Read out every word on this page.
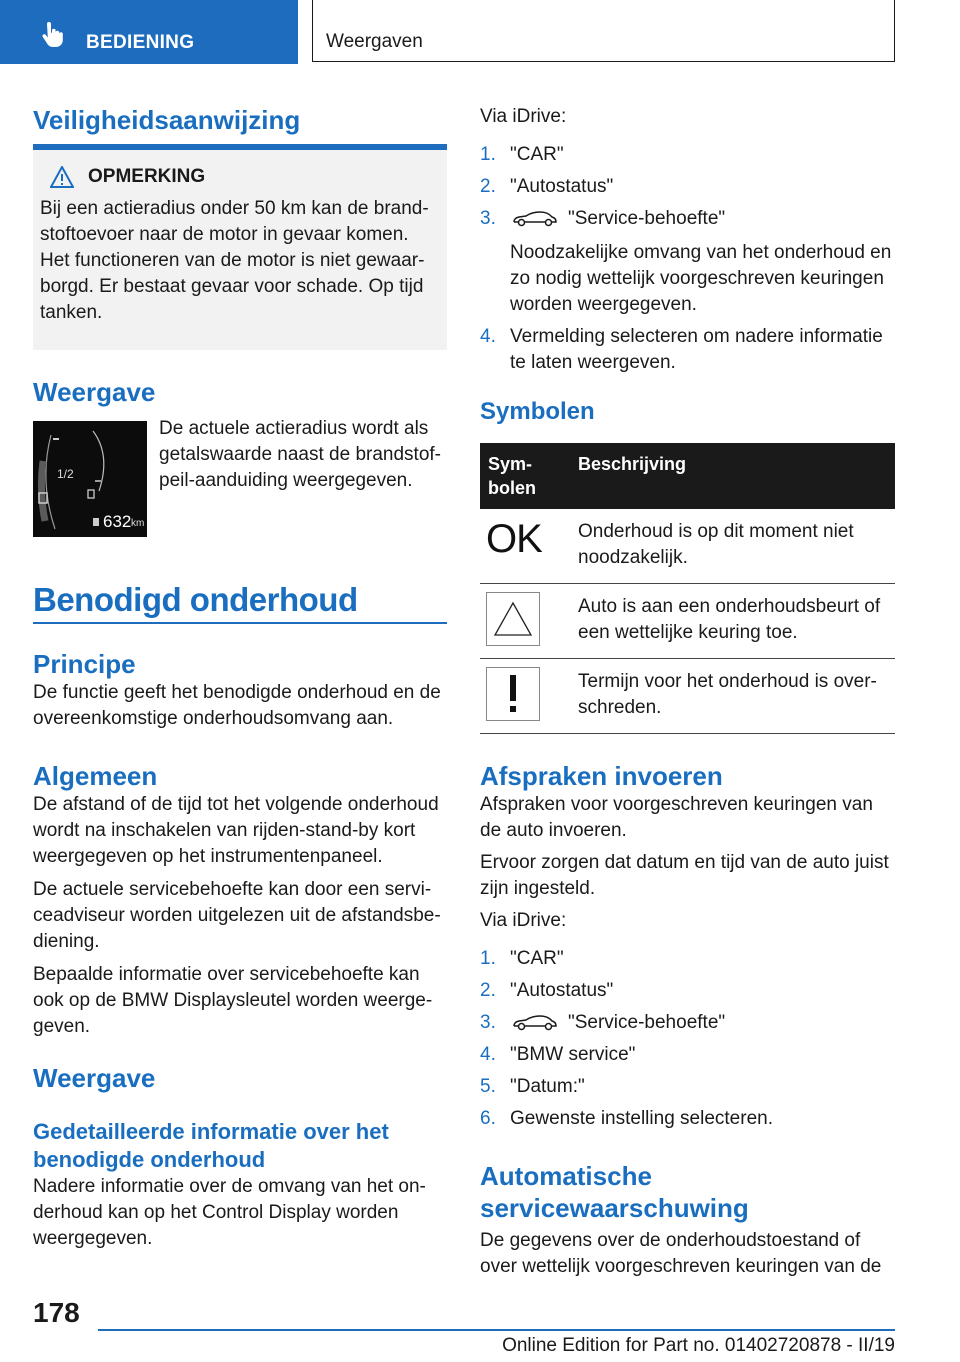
BEDIENING	Weergaven
Veiligheidsaanwijzing
OPMERKING

Bij een actieradius onder 50 km kan de brand-

stoftoevoer naar de motor in gevaar komen.

Het functioneren van de motor is niet gewaar-

borgd. Er bestaat gevaar voor schade. Op tijd

tanken.

Weergave
1/2
632 km

De actuele actieradius wordt als

getalswaarde naast de brandstof-

peil-aanduiding weergegeven.

Benodigd onderhoud
Principe

De functie geeft het benodigde onderhoud en de

overeenkomstige onderhoudsomvang aan.

Algemeen

De afstand of de tijd tot het volgende onderhoud

wordt na inschakelen van rijden-stand-by kort

weergegeven op het instrumentenpaneel.

De actuele servicebehoefte kan door een servi-

ceadviseur worden uitgelezen uit de afstandsbe-

diening.

Bepaalde informatie over servicebehoefte kan

ook op de BMW Displaysleutel worden weerge-

geven.

Weergave
Gedetailleerde informatie over het
benodigde onderhoud

Nadere informatie over de omvang van het on-

derhoud kan op het Control Display worden

weergegeven.

Via iDrive:

1. "CAR"
2. "Autostatus"
3.	"Service-behoefte"

Noodzakelijke omvang van het onderhoud en zo nodig wettelijk voorgeschreven keuringen worden weergegeven.

4. Vermelding selecteren om nadere informatie te laten weergeven.
Symbolen
Sym-
bolen	Beschrijving

OK	Onderhoud is op dit moment niet noodzakelijk.

	Auto is aan een onderhoudsbeurt of een wettelijke keuring toe.

	Termijn voor het onderhoud is over-schreden.
Afspraken invoeren

Afspraken voor voorgeschreven keuringen van de auto invoeren.

Ervoor zorgen dat datum en tijd van de auto juist zijn ingesteld.

Via iDrive:

1. "CAR"
2. "Autostatus"
3.	"Service-behoefte"
4. "BMW service"
5. "Datum:"
6. Gewenste instelling selecteren.
Automatische servicewaarschuwing

De gegevens over de onderhoudstoestand of over wettelijk voorgeschreven keuringen van de

178
Online Edition for Part no. 01402720878 - II/19
